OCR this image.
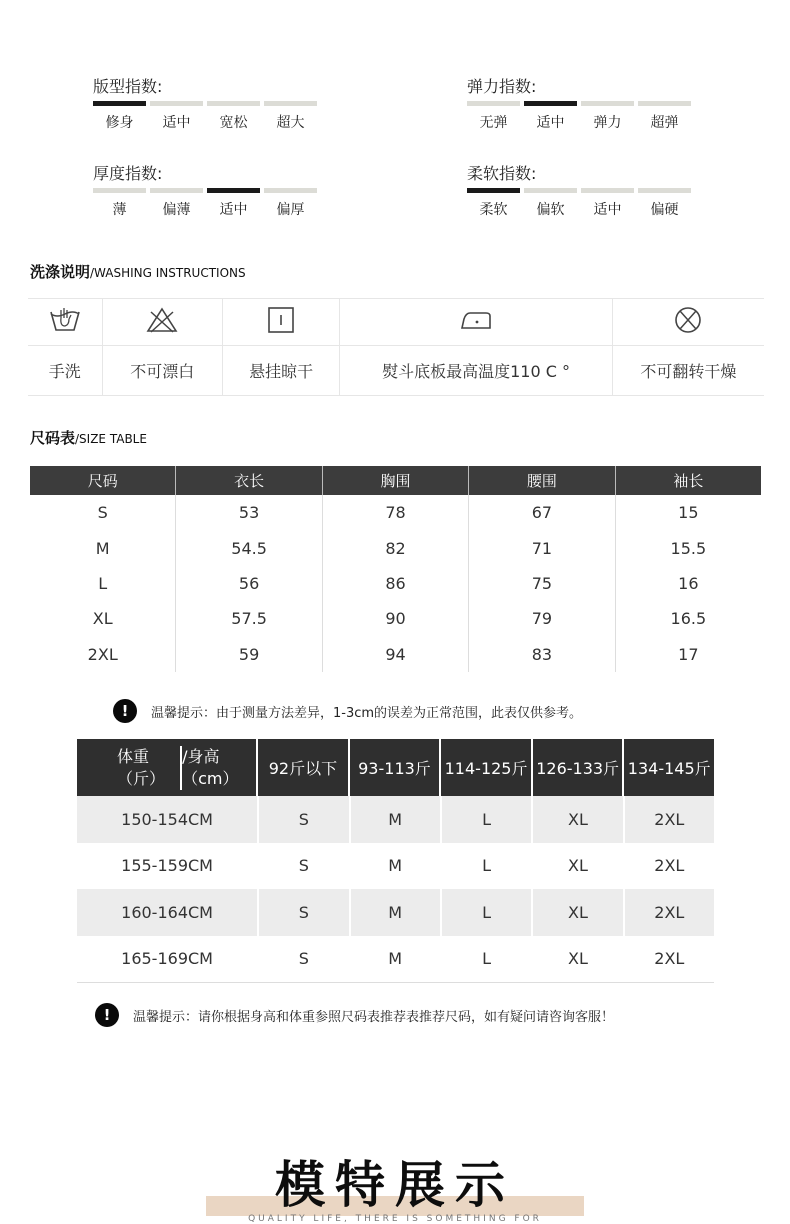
版型指数:
修身	适中	宽松	超大
弹力指数:
无弹	适中	弹力	超弹
厚度指数:
薄	偏薄	适中	偏厚
柔软指数:
柔软	偏软	适中	偏硬
洗涤说明/WASHING INSTRUCTIONS
手洗	不可漂白	悬挂晾干	熨斗底板最高温度110 C °	不可翻转干燥
尺码表/SIZE TABLE
尺码	衣长	胸围	腰围	袖长
S	53	78	67	15
M	54.5	82	71	15.5
L	56	86	75	16
XL	57.5	90	79	16.5
2XL	59	94	83	17
!	温馨提示：由于测量方法差异，1-3cm的误差为正常范围，此表仅供参考。
体重（斤）
/身高（cm）	92斤以下	93-113斤 114-125斤 126-133斤 134-145斤
150-154CM	S	M	L	XL	2XL
155-159CM	S	M	L	XL	2XL
160-164CM	S	M	L	XL	2XL
165-169CM	S	M	L	XL	2XL
!	温馨提示：请你根据身高和体重参照尺码表推荐表推荐尺码，如有疑问请咨询客服！
模特展示
QUALITY LIFE, THERE IS SOMETHING FOR
